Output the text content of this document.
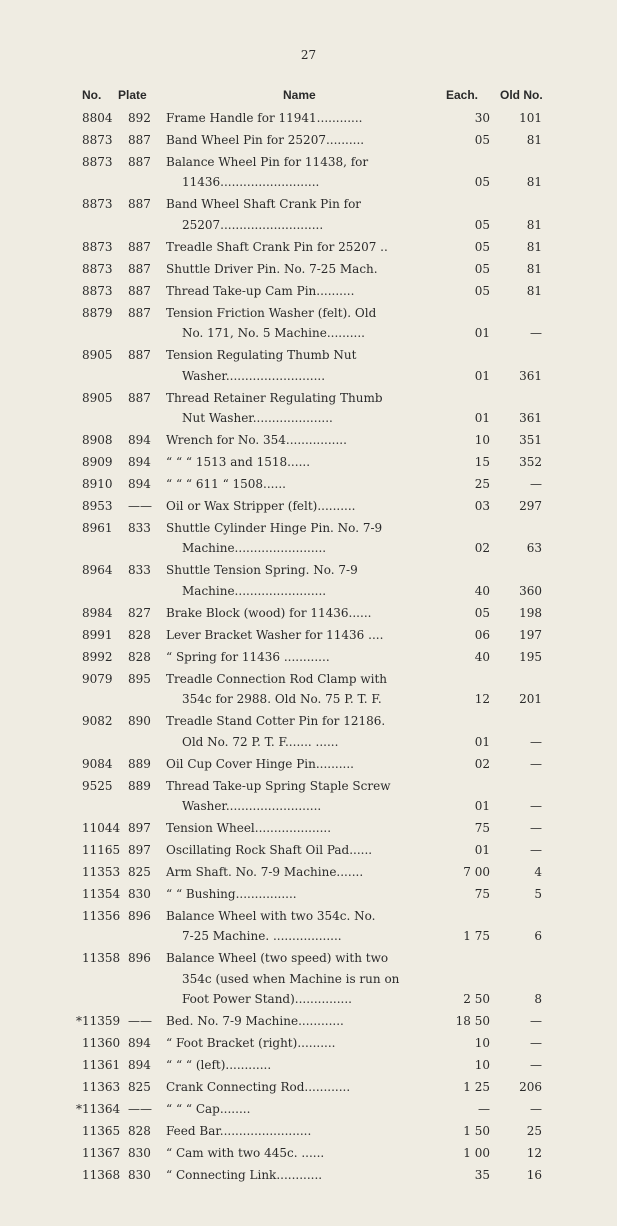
27
No. Plate	Name	Each. Old No.
8804 892 Frame Handle for 11941............	30	101
8873 887 Band Wheel Pin for 25207..........	05	81
8873 887 Balance Wheel Pin for 11438, for
11436..........................	05	81
8873 887 Band Wheel Shaft Crank Pin for
25207...........................	05	81
8873 887 Treadle Shaft Crank Pin for 25207 ..	05	81
8873 887 Shuttle Driver Pin. No. 7-25 Mach.	05	81
8873 887 Thread Take-up Cam Pin..........	05	81
8879 887 Tension Friction Washer (felt). Old
No. 171, No. 5 Machine..........	01	—
8905 887 Tension Regulating Thumb Nut
Washer..........................	01	361
8905 887 Thread Retainer Regulating Thumb
Nut Washer.....................	01	361
8908 894 Wrench for No. 354................	10	351
8909 894 “ “ “ 1513 and 1518......	15	352
8910 894 “ “ “ 611 “ 1508......	25	—
8953 —— Oil or Wax Stripper (felt)..........	03	297
8961 833 Shuttle Cylinder Hinge Pin. No. 7-9
Machine........................	02	63
8964 833 Shuttle Tension Spring. No. 7-9
Machine........................	40	360
8984 827 Brake Block (wood) for 11436......	05	198
8991 828 Lever Bracket Washer for 11436 ....	06	197
8992 828 “ Spring for 11436 ............	40	195
9079 895 Treadle Connection Rod Clamp with
354c for 2988. Old No. 75 P. T. F.	12	201
9082 890 Treadle Stand Cotter Pin for 12186.
Old No. 72 P. T. F....... ......	01	—
9084 889 Oil Cup Cover Hinge Pin..........	02	—
9525 889 Thread Take-up Spring Staple Screw
Washer.........................	01	—
11044 897 Tension Wheel....................	75	—
11165 897 Oscillating Rock Shaft Oil Pad......	01	—
11353 825 Arm Shaft. No. 7-9 Machine.......	7 00	4
11354 830 “ “ Bushing................	75	5
11356 896 Balance Wheel with two 354c. No.
7-25 Machine. ..................	1 75	6
11358 896 Balance Wheel (two speed) with two
354c (used when Machine is run on
Foot Power Stand)...............	2 50	8
* 11359 —— Bed. No. 7-9 Machine............	18 50	—
11360 894 “ Foot Bracket (right)..........	10	—
11361 894 “ “ “ (left)............	10	—
11363 825 Crank Connecting Rod............	1 25	206
* 11364 —— “ “ “ Cap........	—	—
11365 828 Feed Bar........................	1 50	25
11367 830 “ Cam with two 445c. ......	1 00	12
11368 830 “ Connecting Link............	35	16
